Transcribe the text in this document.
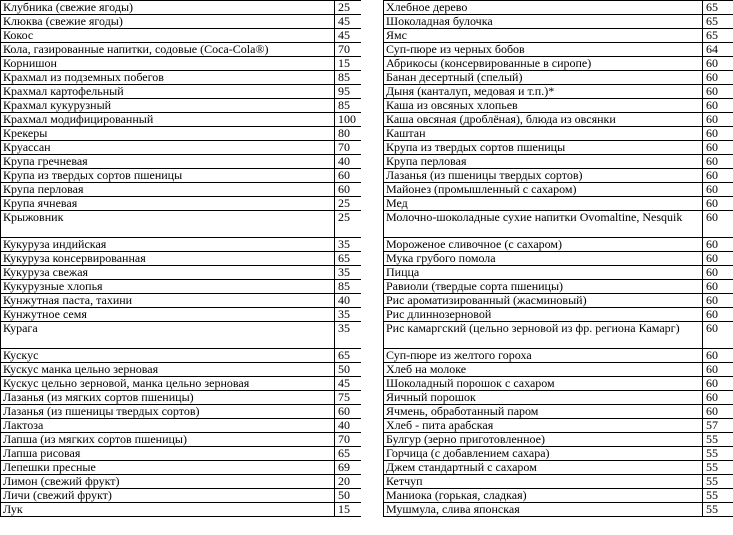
Клубника (свежие ягоды)	25
Клюква (свежие ягоды)	45
Кокос	45
Кола, газированные напитки, содовые (Coca-Cola®)	70
Корнишон	15
Крахмал из подземных побегов	85
Крахмал картофельный	95
Крахмал кукурузный	85
Крахмал модифицированный	100
Крекеры	80
Круассан	70
Крупа гречневая	40
Крупа из твердых сортов пшеницы	60
Крупа перловая	60
Крупа ячневая	25
Крыжовник	25
Кукуруза индийская	35
Кукуруза консервированная	65
Кукуруза свежая	35
Кукурузные хлопья	85
Кунжутная паста, тахини	40
Кунжутное семя	35
Курага	35
Кускус	65
Кускус манка цельно зерновая	50
Кускус цельно зерновой, манка цельно зерновая	45
Лазанья (из мягких сортов пшеницы)	75
Лазанья (из пшеницы твердых сортов)	60
Лактоза	40
Лапша (из мягких сортов пшеницы)	70
Лапша рисовая	65
Лепешки пресные	69
Лимон (свежий фрукт)	20
Личи (свежий фрукт)	50
Лук	15
Хлебное дерево	65
Шоколадная булочка	65
Ямс	65
Суп-пюре из черных бобов	64
Абрикосы (консервированные в сиропе)	60
Банан десертный (спелый)	60
Дыня (канталуп, медовая и т.п.)*	60
Каша из овсяных хлопьев	60
Каша овсяная (дроблёная), блюда из овсянки	60
Каштан	60
Крупа из твердых сортов пшеницы	60
Крупа перловая	60
Лазанья (из пшеницы твердых сортов)	60
Майонез (промышленный с сахаром)	60
Мед	60
Молочно-шоколадные сухие напитки Ovomaltine, Nesquik	60
Мороженое сливочное (с сахаром)	60
Мука грубого помола	60
Пицца	60
Равиоли (твердые сорта пшеницы)	60
Рис ароматизированный (жасминовый)	60
Рис длиннозерновой	60
Рис камаргский (цельно зерновой из фр. региона Камарг)	60
Суп-пюре из желтого гороха	60
Хлеб на молоке	60
Шоколадный порошок с сахаром	60
Яичный порошок	60
Ячмень, обработанный паром	60
Хлеб - пита арабская	57
Булгур (зерно приготовленное)	55
Горчица (с добавлением сахара)	55
Джем стандартный с сахаром	55
Кетчуп	55
Маниока (горькая, сладкая)	55
Мушмула, слива японская	55
